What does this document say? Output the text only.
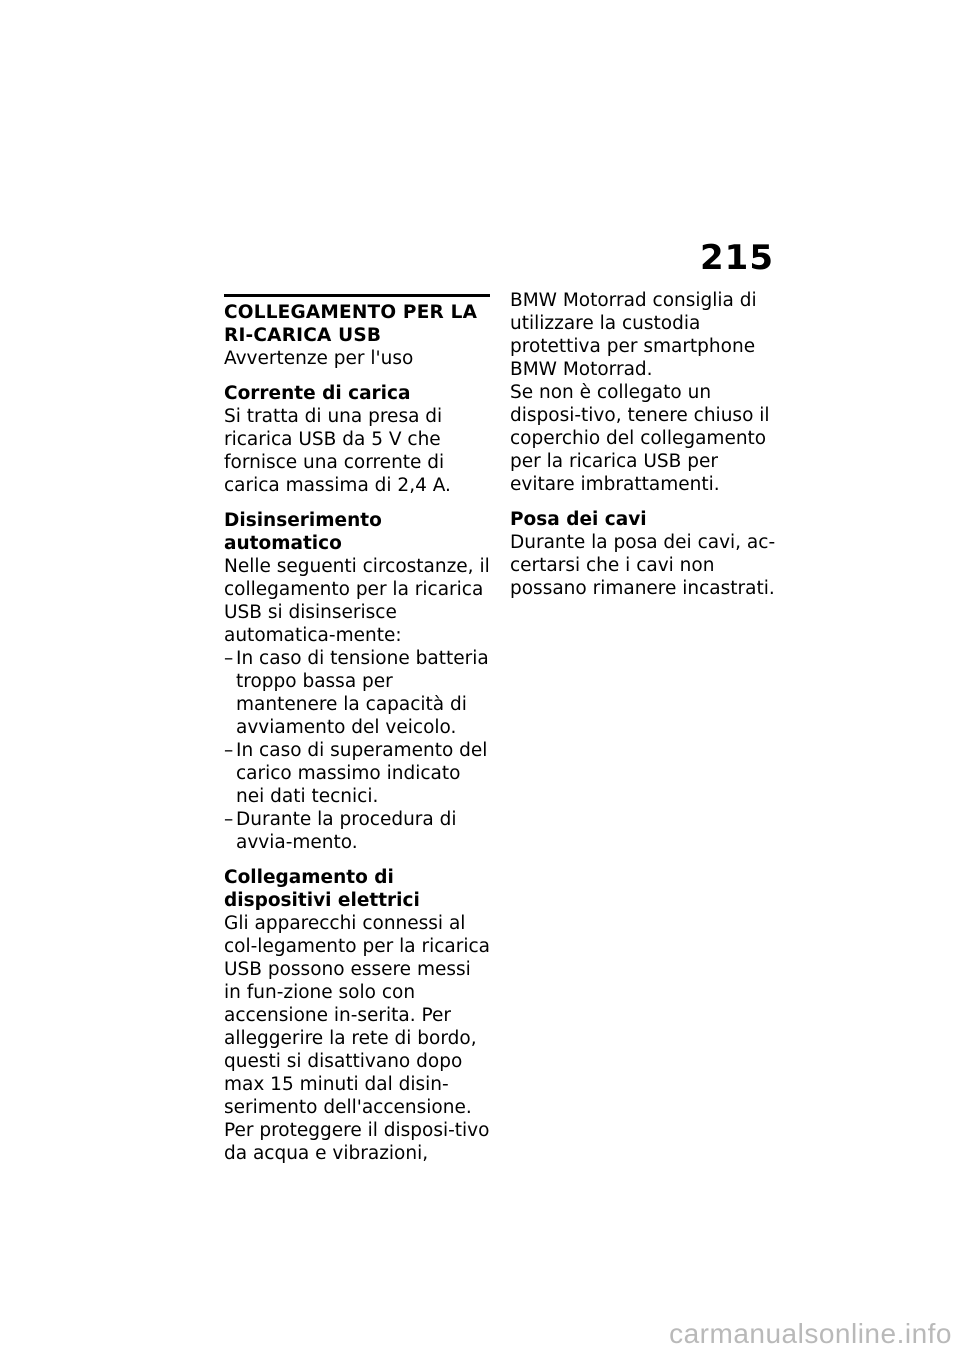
215
COLLEGAMENTO PER LA RI-CARICA USB

Avvertenze per l'uso

Corrente di carica

Si tratta di una presa di ricarica USB da 5 V che fornisce una corrente di carica massima di 2,4 A.

Disinserimento automatico

Nelle seguenti circostanze, il collegamento per la ricarica USB si disinserisce automatica-mente:

– In caso di tensione batteria troppo bassa per mantenere la capacità di avviamento del veicolo.
– In caso di superamento del carico massimo indicato nei dati tecnici.
– Durante la procedura di avvia-mento.
Collegamento di dispositivi elettrici

Gli apparecchi connessi al col-legamento per la ricarica USB possono essere messi in fun-zione solo con accensione in-serita. Per alleggerire la rete di bordo, questi si disattivano dopo max 15 minuti dal disin-serimento dell'accensione.

Per proteggere il disposi-tivo da acqua e vibrazioni,

BMW Motorrad consiglia di utilizzare la custodia protettiva per smartphone BMW Motorrad.

Se non è collegato un disposi-tivo, tenere chiuso il coperchio del collegamento per la ricarica USB per evitare imbrattamenti.

Posa dei cavi

Durante la posa dei cavi, ac-certarsi che i cavi non possano rimanere incastrati.

carmanualsonline.info
